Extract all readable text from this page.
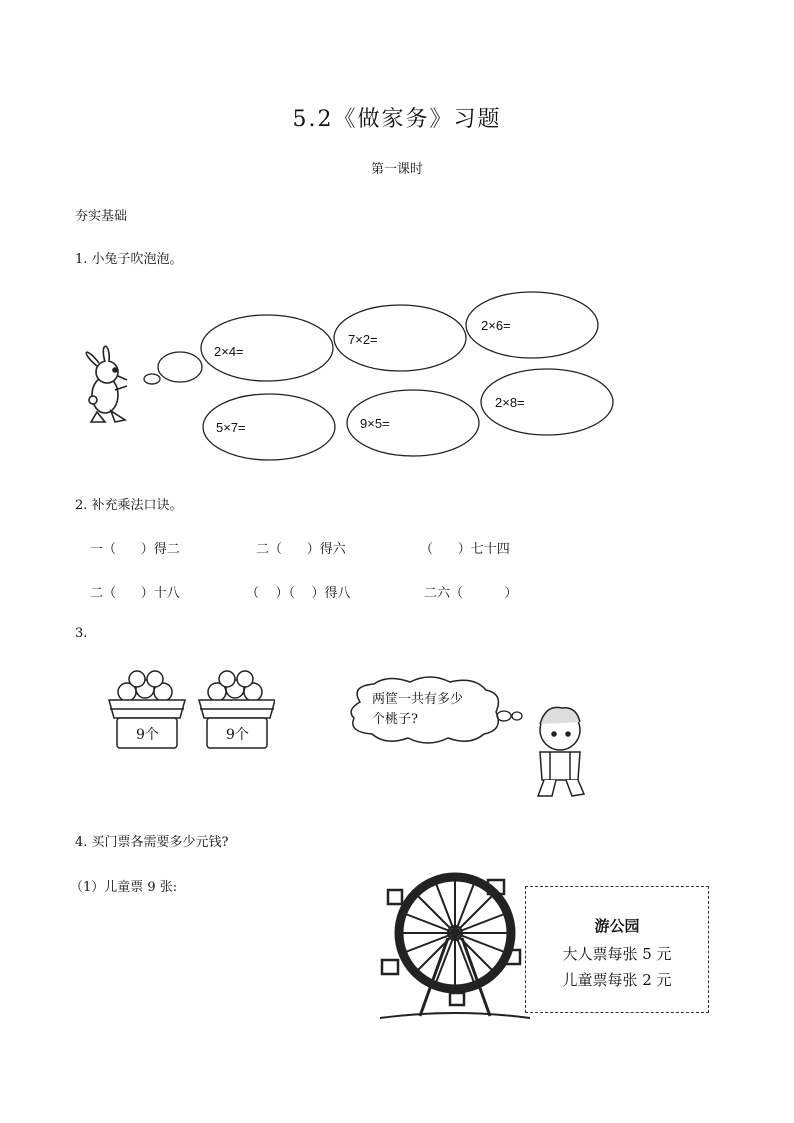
5.2《做家务》习题
第一课时
夯实基础
1. 小兔子吹泡泡。
2×4=
7×2=
2×6=
5×7=	9×5=
2×8=
2. 补充乘法口诀。
一（      ）得二	二（      ）得六	（      ）七十四
二（      ）十八	（    ）（    ）得八	二六（          ）
3.
9个	9个
两筐一共有多少
个桃子?
4. 买门票各需要多少元钱?
（1）儿童票 9 张:
游公园
大人票每张 5 元
儿童票每张 2 元
